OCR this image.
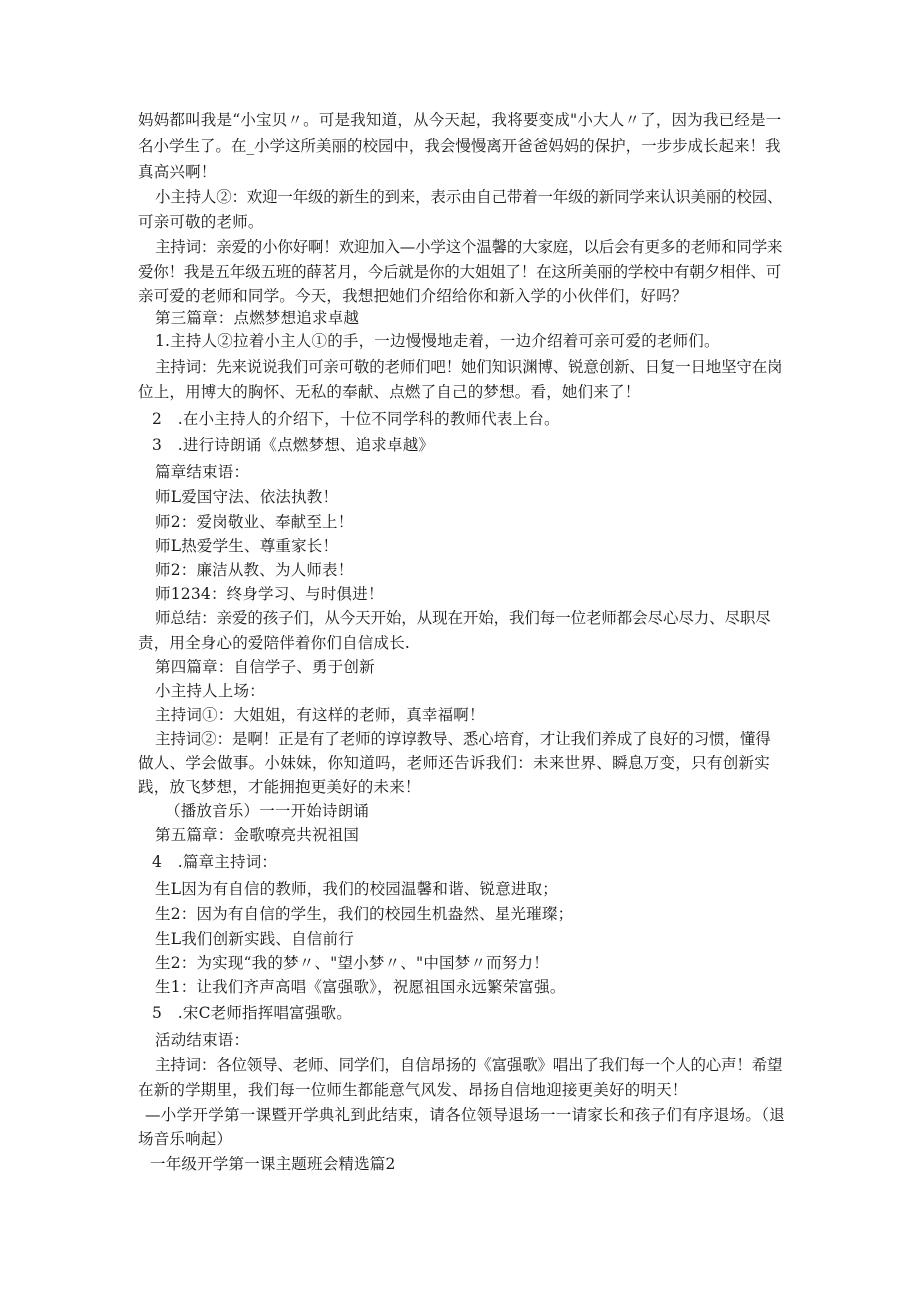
妈妈都叫我是“小宝贝〃。可是我知道，从今天起，我将要变成"小大人〃了，因为我已经是一
名小学生了。在_小学这所美丽的校园中，我会慢慢离开爸爸妈妈的保护，一步步成长起来！我
真高兴啊！
小主持人②：欢迎一年级的新生的到来，表示由自己带着一年级的新同学来认识美丽的校园、
可亲可敬的老师。
主持词：亲爱的小你好啊！欢迎加入—小学这个温馨的大家庭，以后会有更多的老师和同学来
爱你！我是五年级五班的薛茗月，今后就是你的大姐姐了！在这所美丽的学校中有朝夕相伴、可
亲可爱的老师和同学。今天，我想把她们介绍给你和新入学的小伙伴们，好吗？
第三篇章：点燃梦想追求卓越
1.主持人②拉着小主人①的手，一边慢慢地走着，一边介绍着可亲可爱的老师们。
主持词：先来说说我们可亲可敬的老师们吧！她们知识渊博、锐意创新、日复一日地坚守在岗
位上，用博大的胸怀、无私的奉献、点燃了自己的梦想。看，她们来了！
2　.在小主持人的介绍下，十位不同学科的教师代表上台。
3　.进行诗朗诵《点燃梦想、追求卓越》
篇章结束语：
师L爱国守法、依法执教！
师2：爱岗敬业、奉献至上！
师L热爱学生、尊重家长！
师2：廉洁从教、为人师表！
师1234：终身学习、与时俱进！
师总结：亲爱的孩子们，从今天开始，从现在开始，我们每一位老师都会尽心尽力、尽职尽
责，用全身心的爱陪伴着你们自信成长.
第四篇章：自信学子、勇于创新
小主持人上场：
主持词①：大姐姐，有这样的老师，真幸福啊！
主持词②：是啊！正是有了老师的谆谆教导、悉心培育，才让我们养成了良好的习惯，懂得
做人、学会做事。小妹妹，你知道吗，老师还告诉我们：未来世界、瞬息万变，只有创新实
践，放飞梦想，才能拥抱更美好的未来！
（播放音乐）一一开始诗朗诵
第五篇章：金歌嘹亮共祝祖国
4　.篇章主持词：
生L因为有自信的教师，我们的校园温馨和谐、锐意进取；
生2：因为有自信的学生，我们的校园生机盎然、星光璀璨；
生L我们创新实践、自信前行
生2：为实现“我的梦〃、"望小梦〃、"中国梦〃而努力！
生1：让我们齐声高唱《富强歌》，祝愿祖国永远繁荣富强。
5　.宋C老师指挥唱富强歌。
活动结束语：
主持词：各位领导、老师、同学们，自信昂扬的《富强歌》唱出了我们每一个人的心声！希望
在新的学期里，我们每一位师生都能意气风发、昂扬自信地迎接更美好的明天！
—小学开学第一课暨开学典礼到此结束，请各位领导退场一一请家长和孩子们有序退场。（退
场音乐响起）
一年级开学第一课主题班会精选篇2
